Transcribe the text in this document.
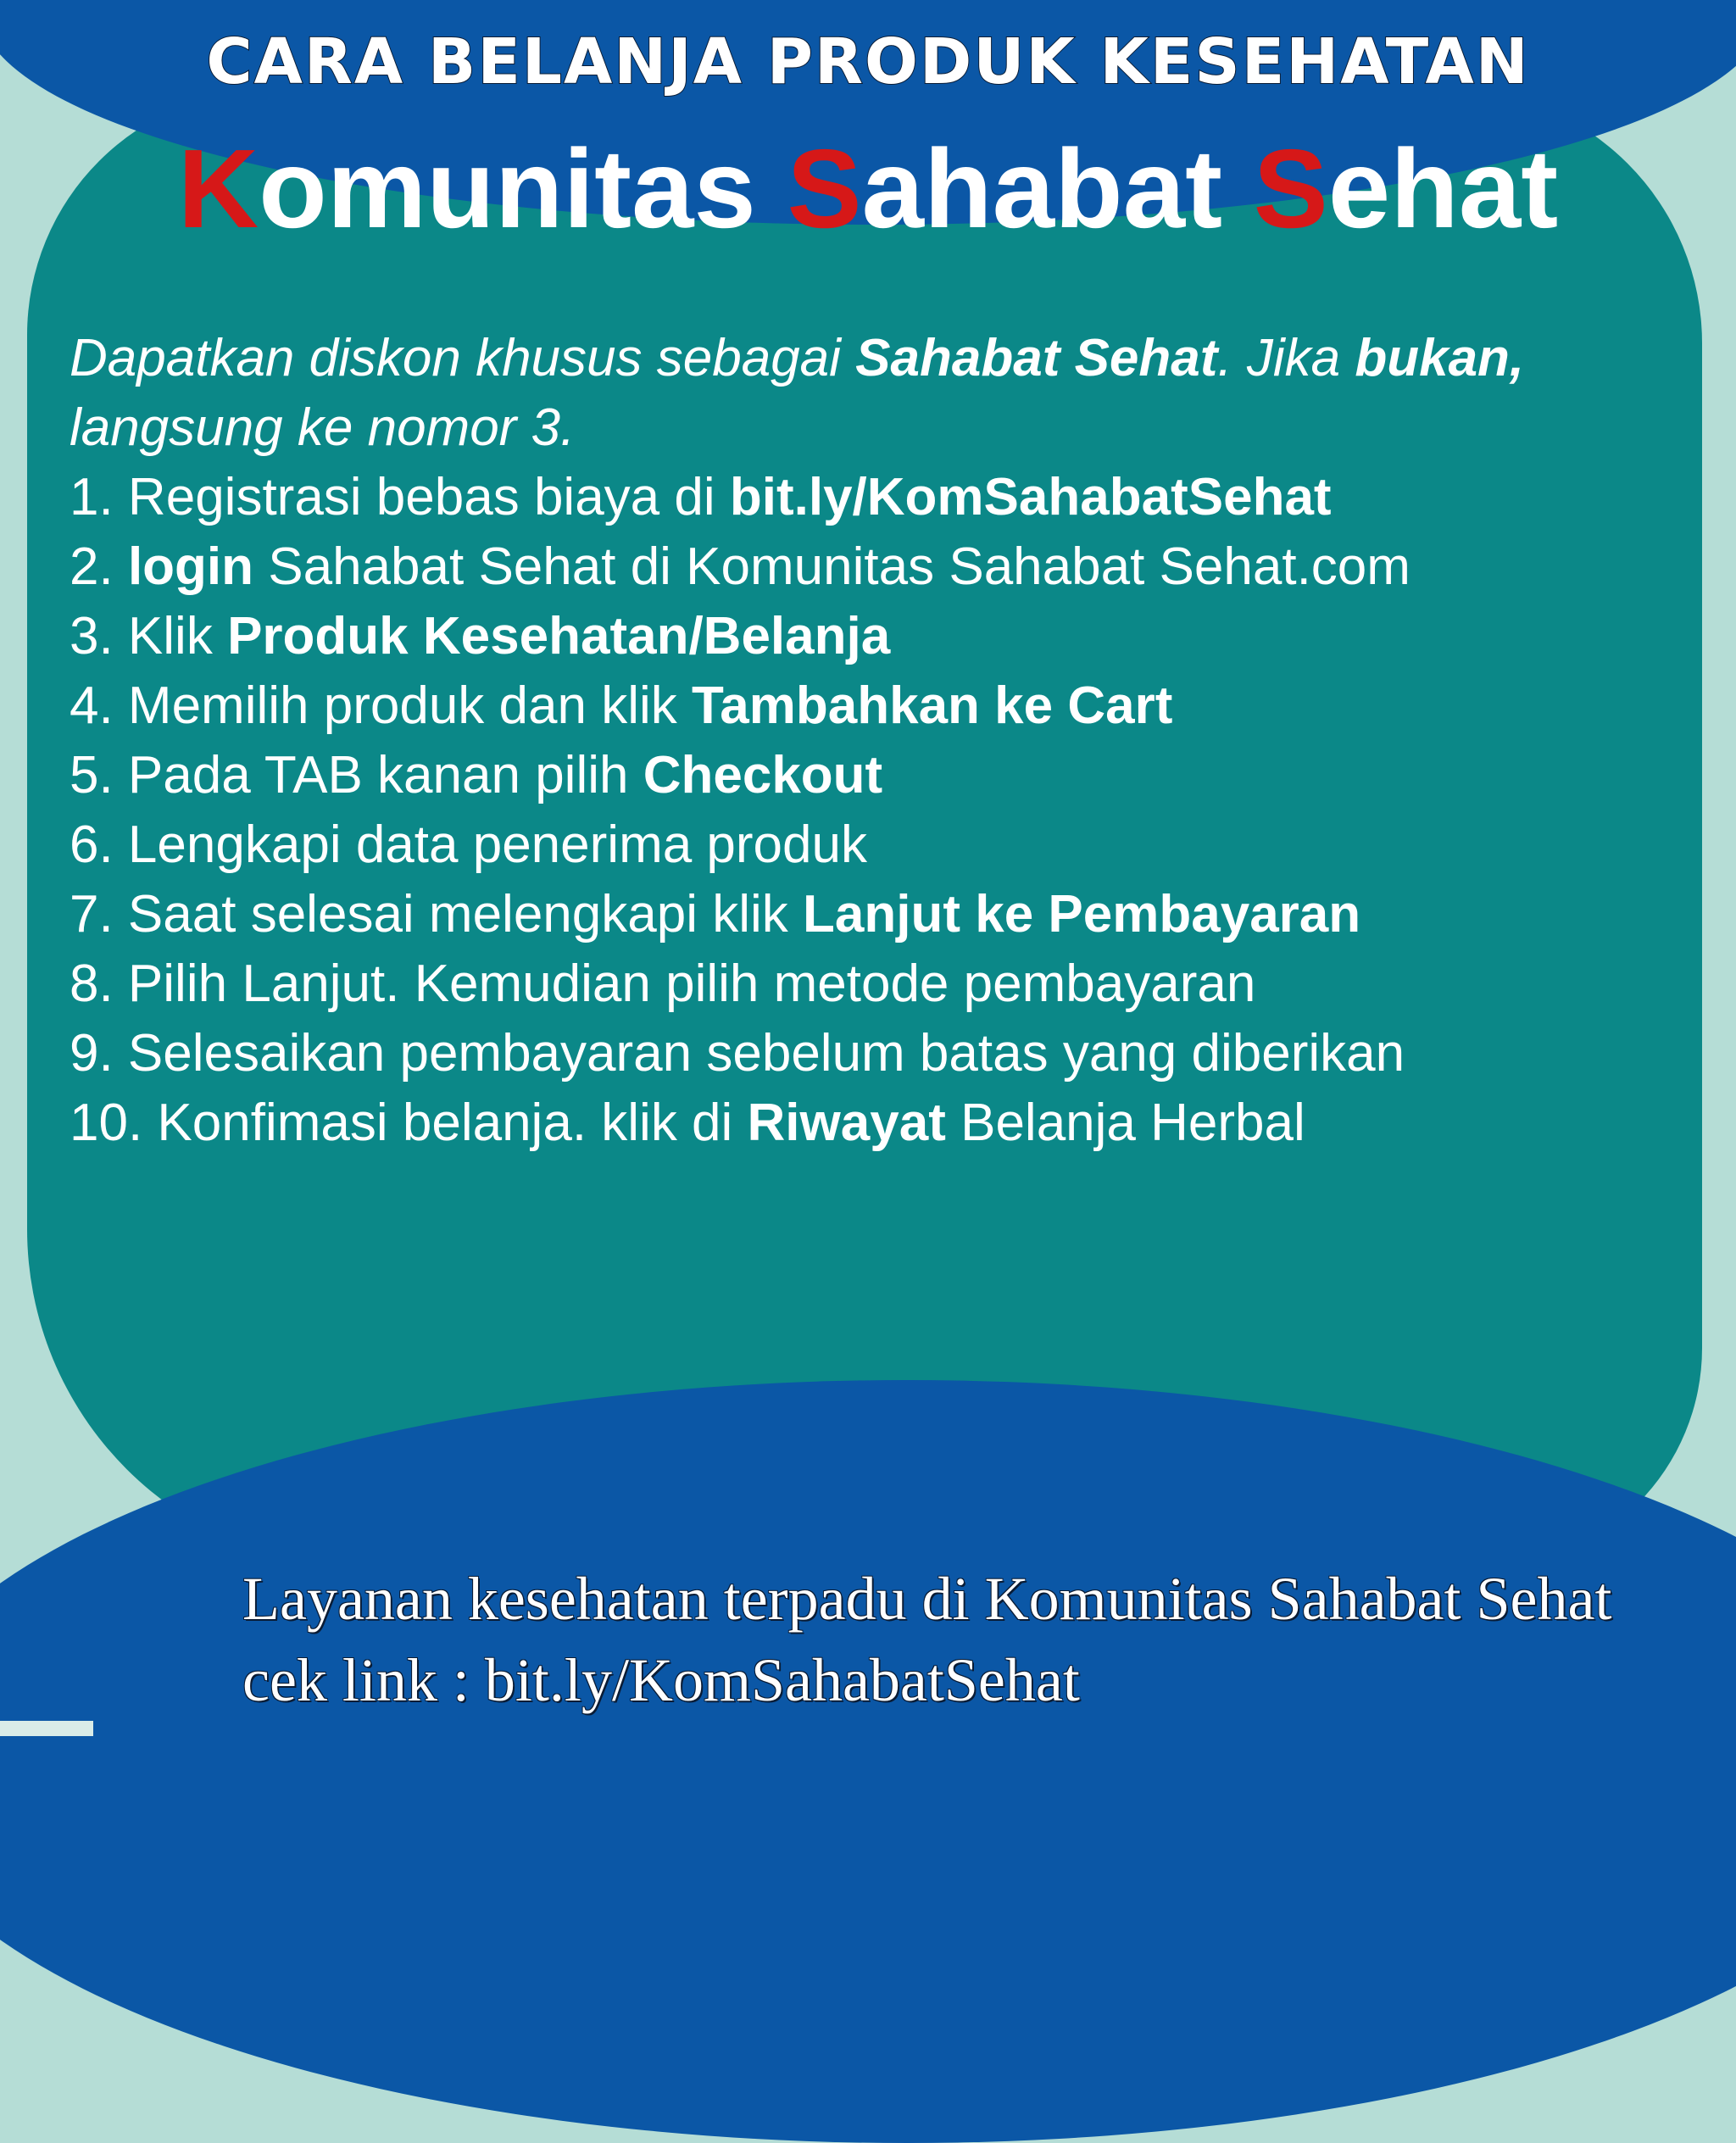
CARA BELANJA PRODUK KESEHATAN
Komunitas Sahabat Sehat

Dapatkan diskon khusus sebagai Sahabat Sehat. Jika bukan, langsung ke nomor 3.

1. Registrasi bebas biaya di bit.ly/KomSahabatSehat
2. login Sahabat Sehat di Komunitas Sahabat Sehat.com
3. Klik Produk Kesehatan/Belanja
4. Memilih produk dan klik Tambahkan ke Cart
5. Pada TAB kanan pilih Checkout
6. Lengkapi data penerima produk
7. Saat selesai melengkapi klik Lanjut ke Pembayaran
8. Pilih Lanjut. Kemudian pilih metode pembayaran
9. Selesaikan pembayaran sebelum batas yang diberikan
10. Konfimasi belanja. klik di Riwayat Belanja Herbal

Layanan kesehatan terpadu di Komunitas Sahabat Sehat

cek link : bit.ly/KomSahabatSehat
